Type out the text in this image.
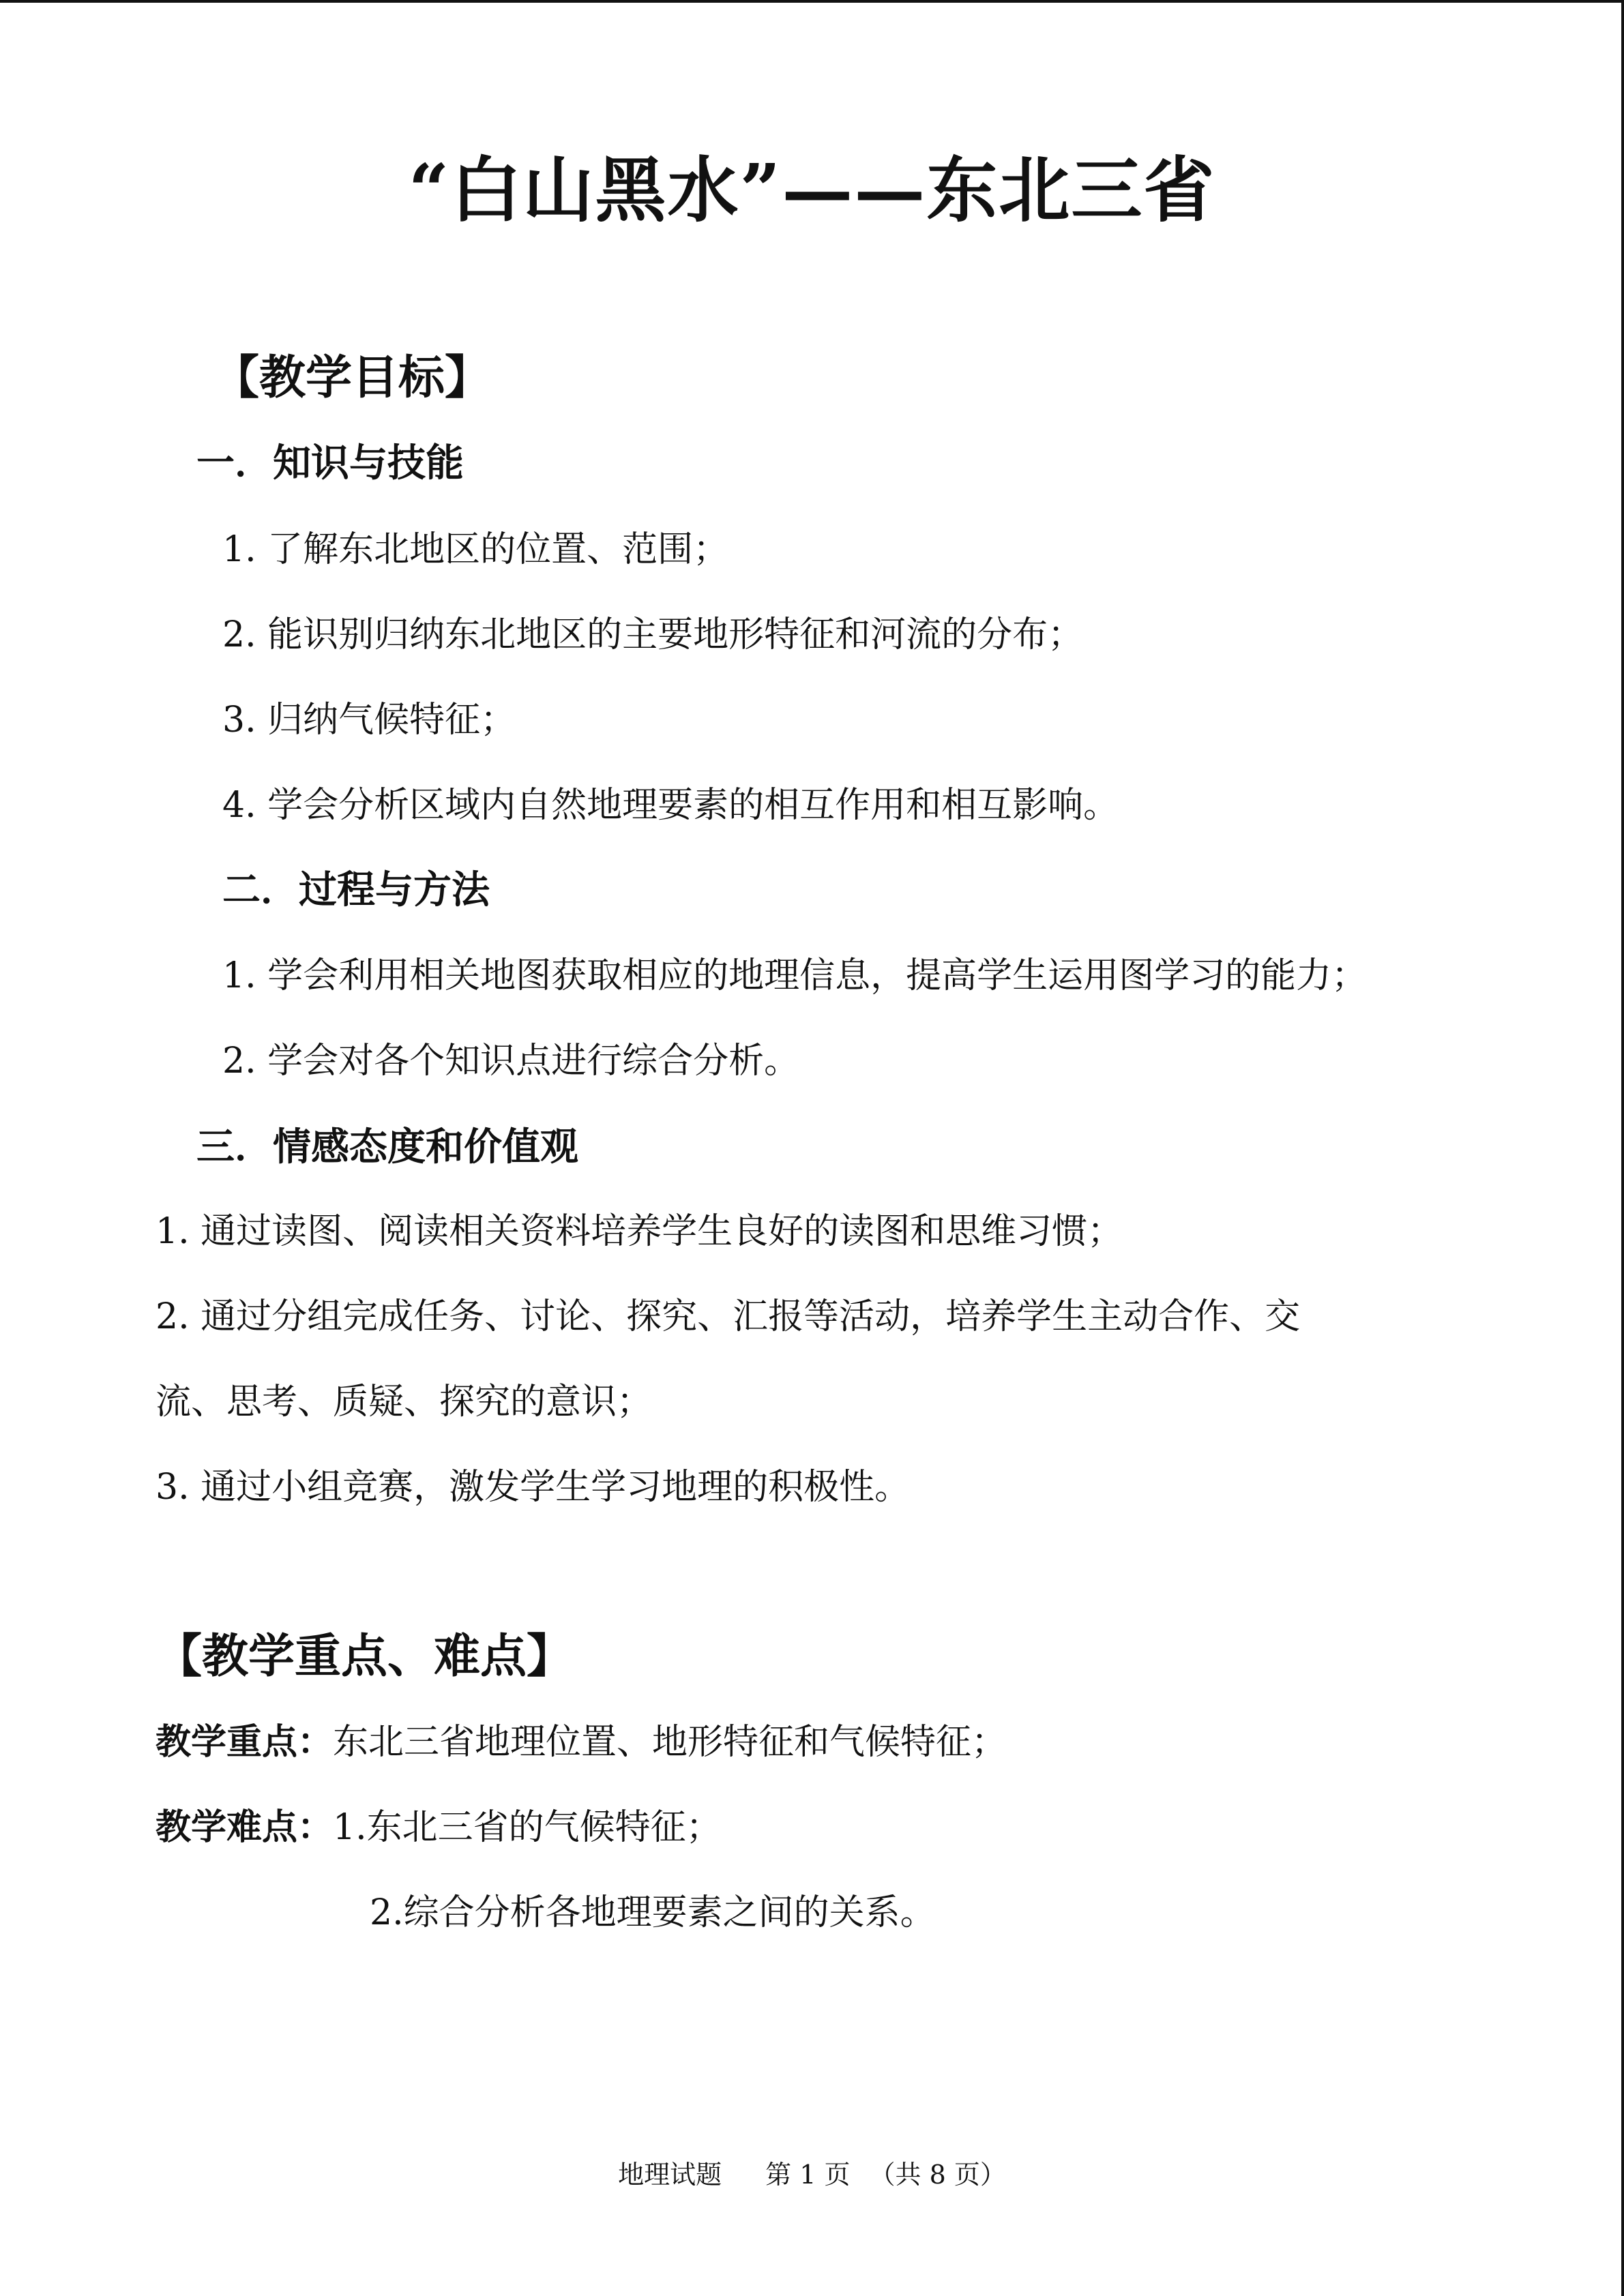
“白山黑水”——东北三省
【教学目标】
一．知识与技能
1. 了解东北地区的位置、范围；
2. 能识别归纳东北地区的主要地形特征和河流的分布；
3. 归纳气候特征；
4. 学会分析区域内自然地理要素的相互作用和相互影响。
二．过程与方法
1. 学会利用相关地图获取相应的地理信息，提高学生运用图学习的能力；
2. 学会对各个知识点进行综合分析。
三．情感态度和价值观
1. 通过读图、阅读相关资料培养学生良好的读图和思维习惯；
2. 通过分组完成任务、讨论、探究、汇报等活动，培养学生主动合作、交
流、思考、质疑、探究的意识；
3. 通过小组竞赛，激发学生学习地理的积极性。
【教学重点、难点】
教学重点：东北三省地理位置、地形特征和气候特征；
教学难点：1.东北三省的气候特征；
2.综合分析各地理要素之间的关系。
地理试题 第 1 页 （共 8 页）
